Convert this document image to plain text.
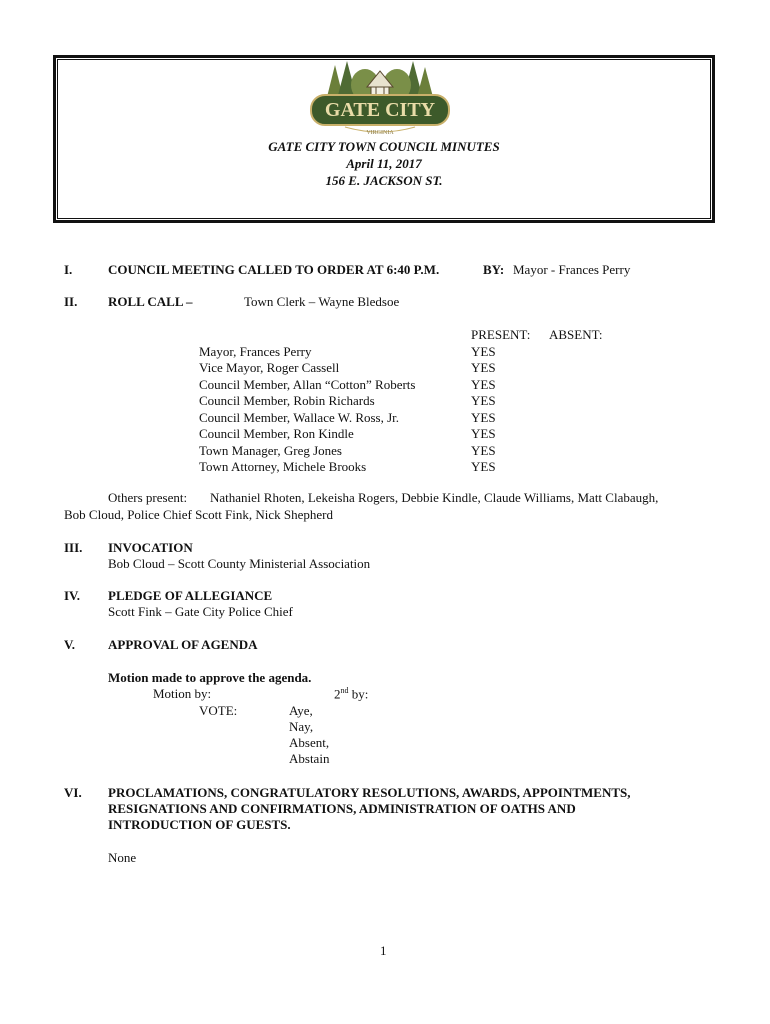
GATE CITY
VIRGINIA
GATE CITY TOWN COUNCIL MINUTES
April 11, 2017
156 E. JACKSON ST.
I.	COUNCIL MEETING CALLED TO ORDER AT 6:40 P.M.	BY: Mayor - Frances Perry
II. ROLL CALL –	Town Clerk – Wayne Bledsoe
PRESENT: ABSENT:
Mayor, Frances Perry	YES
Vice Mayor, Roger Cassell	YES
Council Member, Allan “Cotton” Roberts	YES
Council Member, Robin Richards	YES
Council Member, Wallace W. Ross, Jr.	YES
Council Member, Ron Kindle	YES
Town Manager, Greg Jones	YES
Town Attorney, Michele Brooks	YES
Others present: Nathaniel Rhoten, Lekeisha Rogers, Debbie Kindle, Claude Williams, Matt Clabaugh,
Bob Cloud, Police Chief Scott Fink, Nick Shepherd
III. INVOCATION
Bob Cloud – Scott County Ministerial Association
IV. PLEDGE OF ALLEGIANCE
Scott Fink – Gate City Police Chief
V.	APPROVAL OF AGENDA
Motion made to approve the agenda.
Motion by:	2nd by:
VOTE:	Aye,
Nay,
Absent,
Abstain
VI. PROCLAMATIONS, CONGRATULATORY RESOLUTIONS, AWARDS, APPOINTMENTS,
RESIGNATIONS AND CONFIRMATIONS, ADMINISTRATION OF OATHS AND
INTRODUCTION OF GUESTS.
None
1
